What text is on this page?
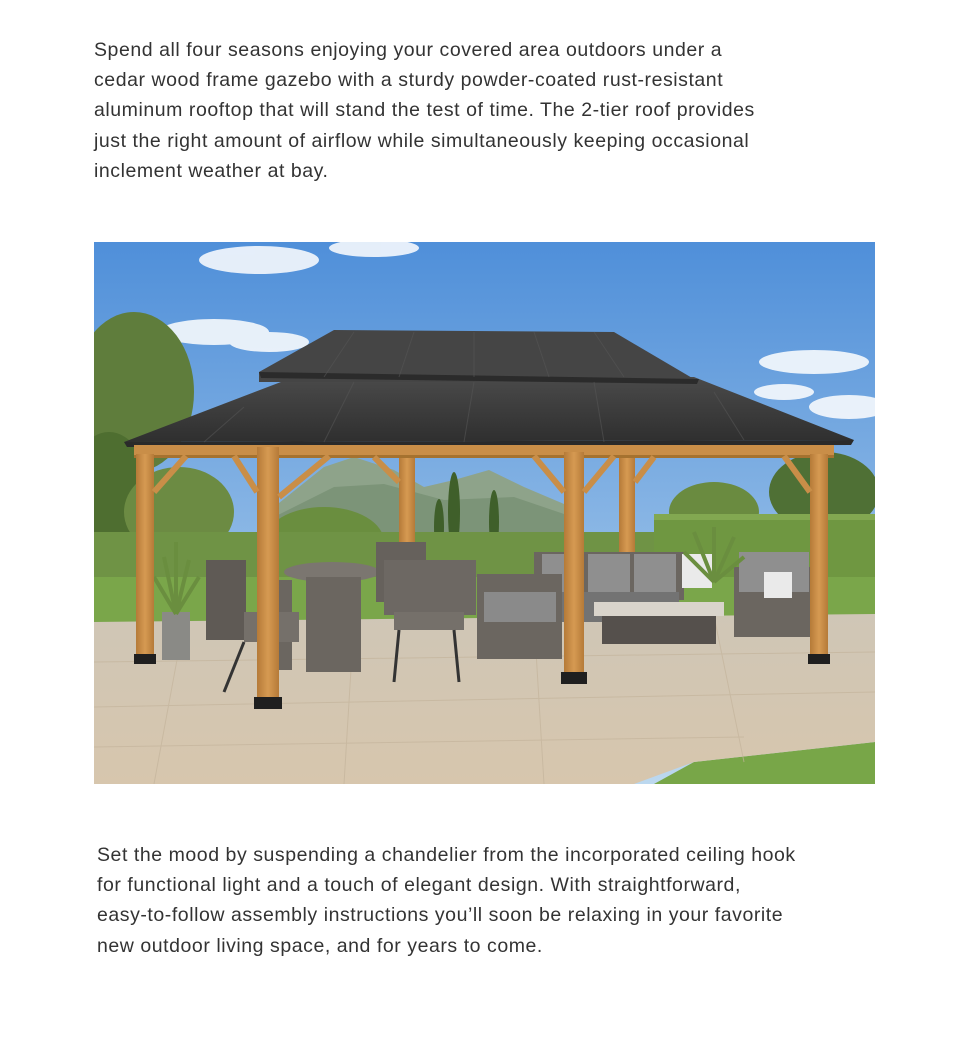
Spend all four seasons enjoying your covered area outdoors under a
cedar wood frame gazebo with a sturdy powder-coated rust-resistant
aluminum rooftop that will stand the test of time. The 2-tier roof provides
just the right amount of airflow while simultaneously keeping occasional
inclement weather at bay.

Set the mood by suspending a chandelier from the incorporated ceiling hook
for functional light and a touch of elegant design. With straightforward,
easy-to-follow assembly instructions you’ll soon be relaxing in your favorite
new outdoor living space, and for years to come.
